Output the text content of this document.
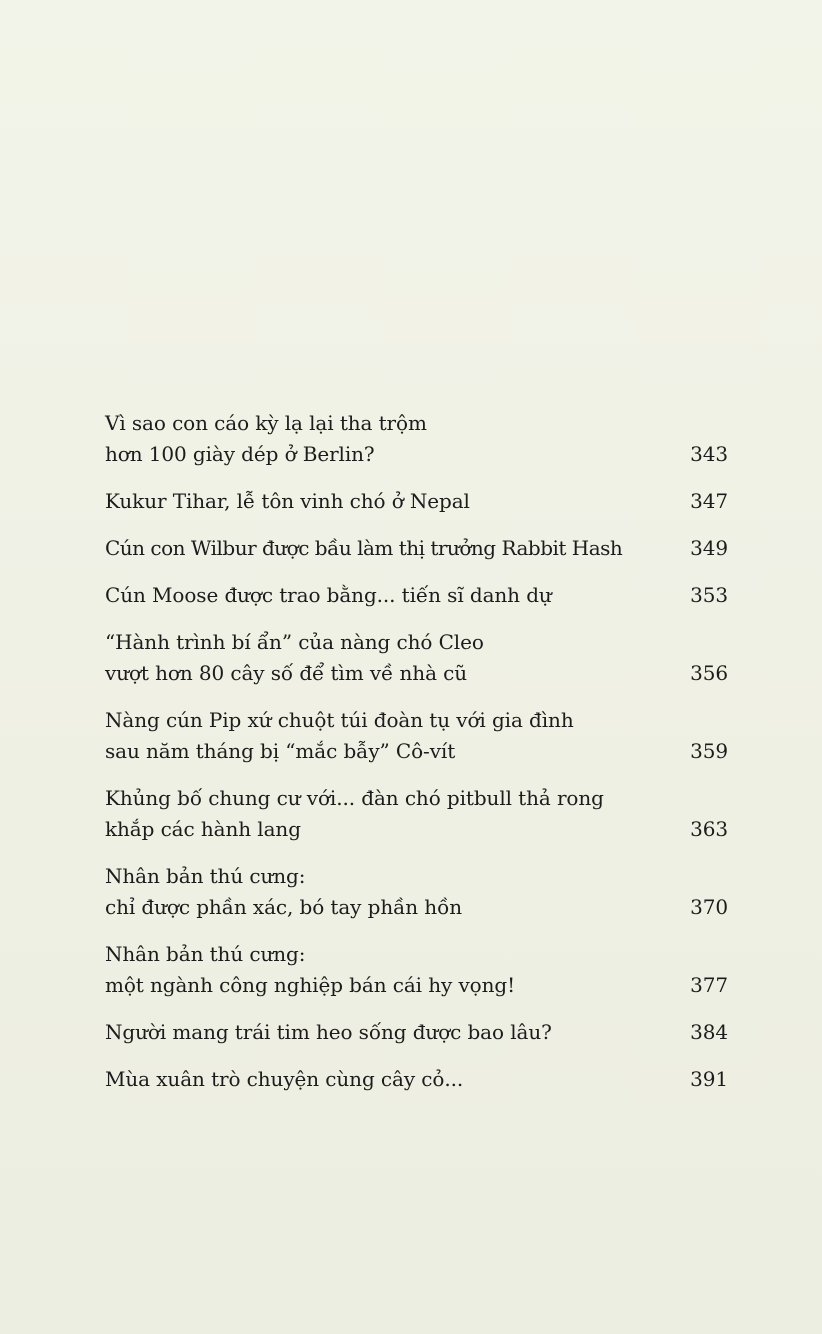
Vì sao con cáo kỳ lạ lại tha trộm
hơn 100 giày dép ở Berlin?	343
Kukur Tihar, lễ tôn vinh chó ở Nepal	347
Cún con Wilbur được bầu làm thị trưởng Rabbit Hash	349
Cún Moose được trao bằng... tiến sĩ danh dự	353
“Hành trình bí ẩn” của nàng chó Cleo
vượt hơn 80 cây số để tìm về nhà cũ	356
Nàng cún Pip xứ chuột túi đoàn tụ với gia đình
sau năm tháng bị “mắc bẫy” Cô-vít	359
Khủng bố chung cư với... đàn chó pitbull thả rong
khắp các hành lang	363
Nhân bản thú cưng:
chỉ được phần xác, bó tay phần hồn	370
Nhân bản thú cưng:
một ngành công nghiệp bán cái hy vọng!	377
Người mang trái tim heo sống được bao lâu?	384
Mùa xuân trò chuyện cùng cây cỏ...	391
